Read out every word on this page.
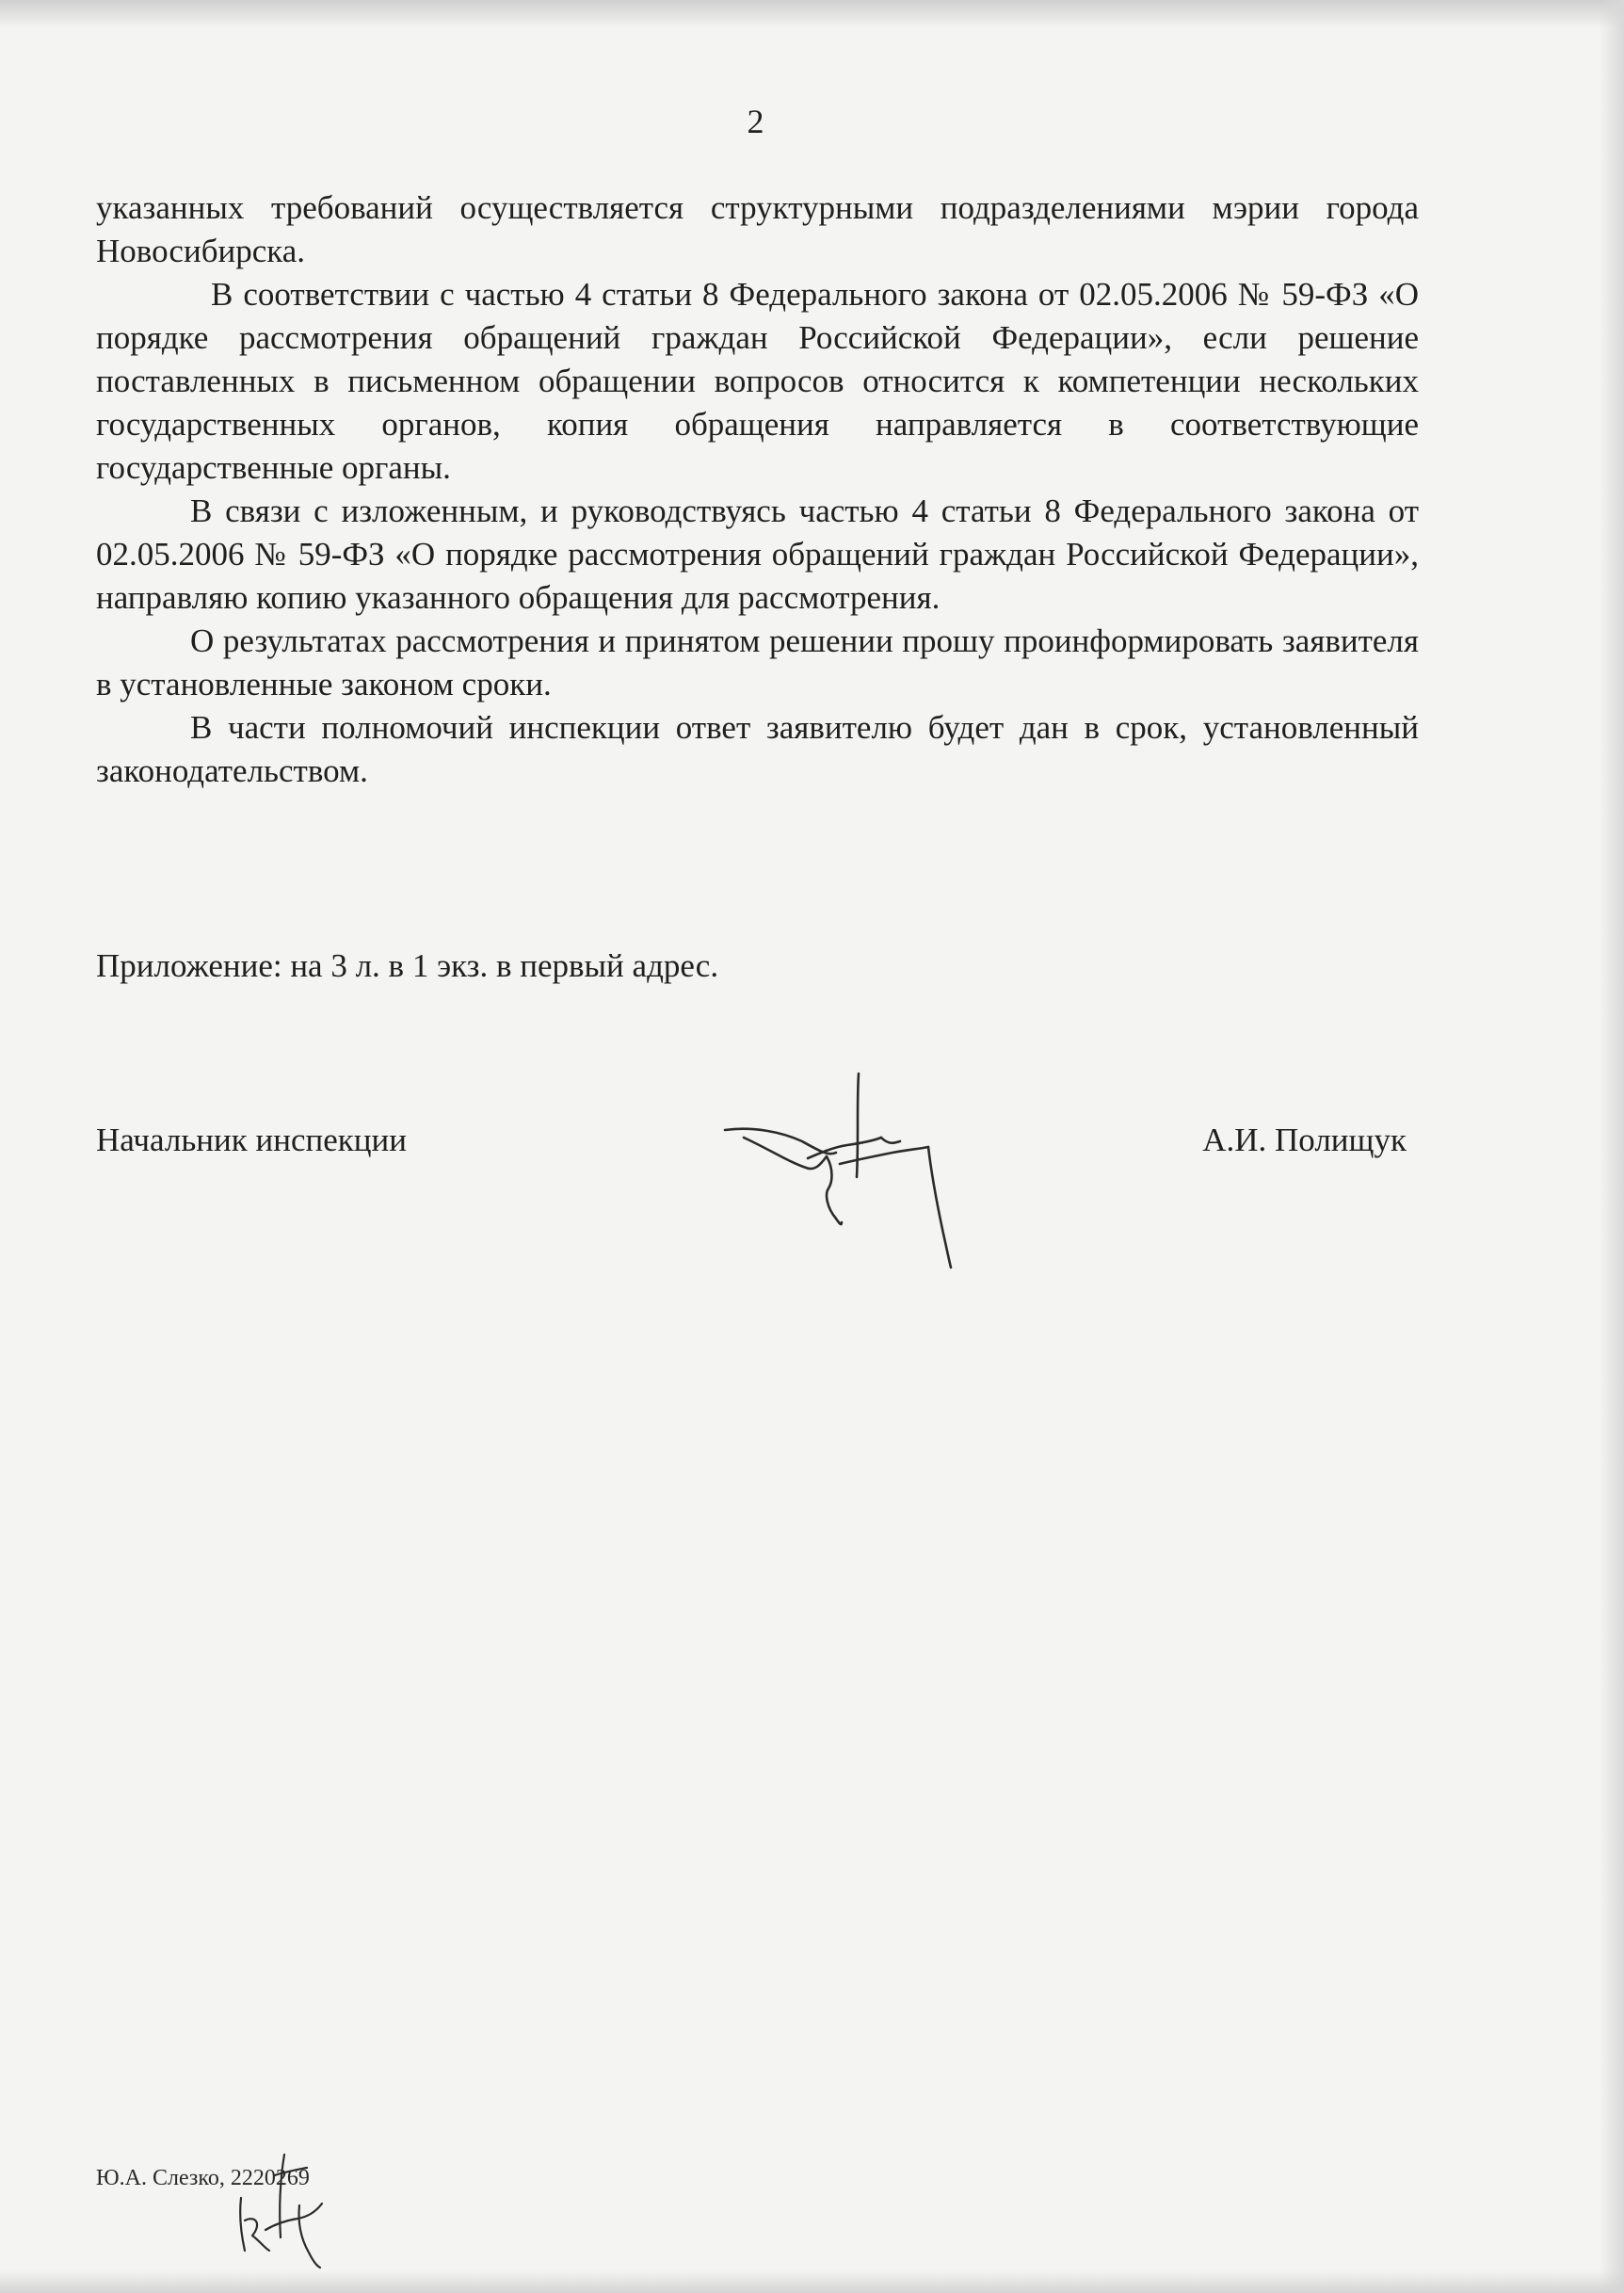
2

указанных требований осуществляется структурными подразделениями мэрии города Новосибирска.

В соответствии с частью 4 статьи 8 Федерального закона от 02.05.2006 № 59-ФЗ «О порядке рассмотрения обращений граждан Российской Федерации», если решение поставленных в письменном обращении вопросов относится к компетенции нескольких государственных органов, копия обращения направляется в соответствующие государственные органы.

В связи с изложенным, и руководствуясь частью 4 статьи 8 Федерального закона от 02.05.2006 № 59-ФЗ «О порядке рассмотрения обращений граждан Российской Федерации», направляю копию указанного обращения для рассмотрения.

О результатах рассмотрения и принятом решении прошу проинформировать заявителя в установленные законом сроки.

В части полномочий инспекции ответ заявителю будет дан в срок, установленный законодательством.

Приложение: на 3 л. в 1 экз. в первый адрес.
Начальник инспекции	А.И. Полищук
Ю.А. Слезко, 2220269
